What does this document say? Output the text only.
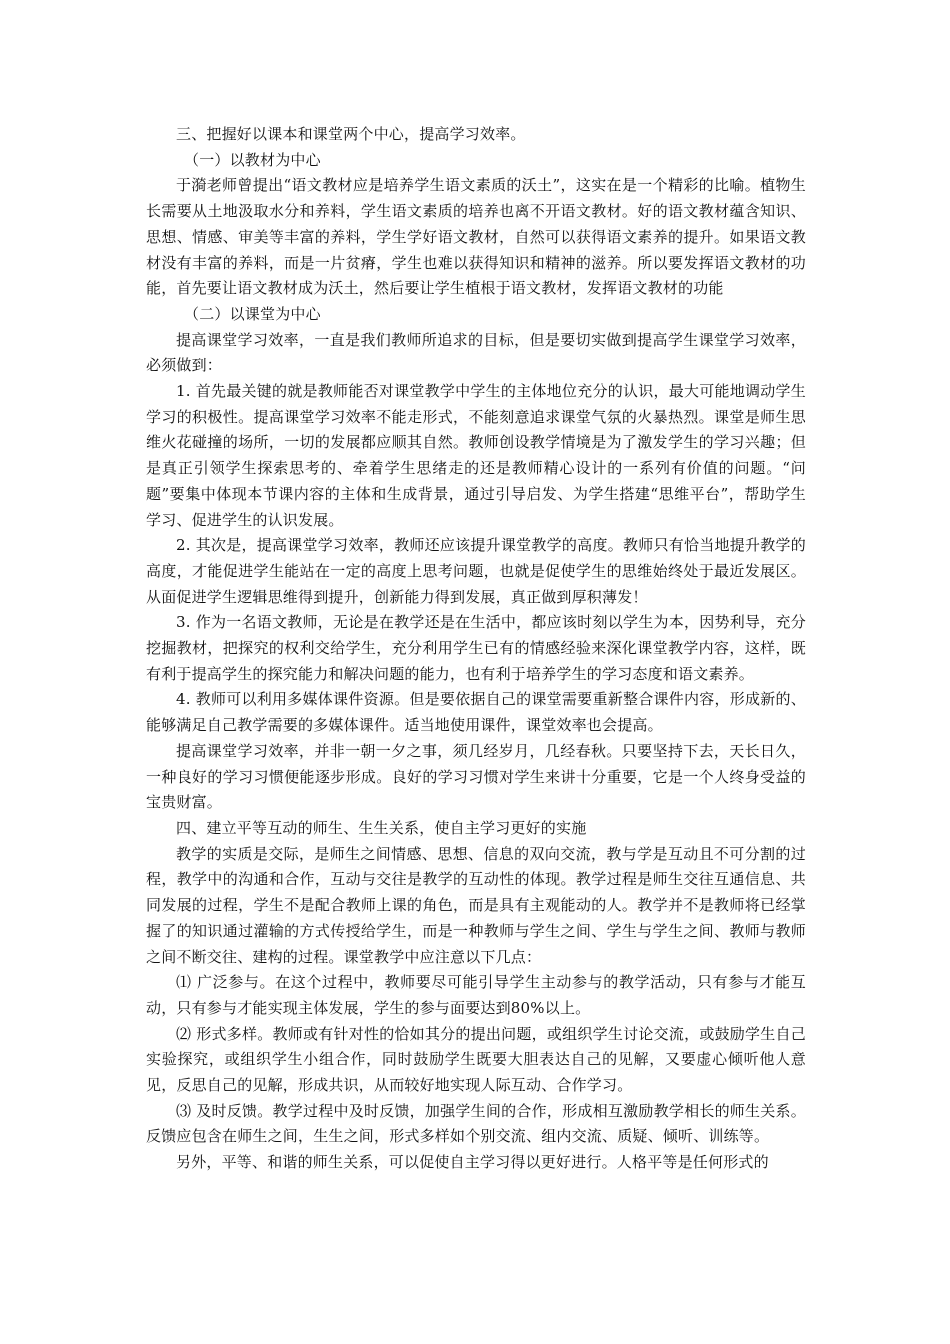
三、把握好以课本和课堂两个中心，提高学习效率。

（一）以教材为中心

于漪老师曾提出“语文教材应是培养学生语文素质的沃土”，这实在是一个精彩的比喻。植物生长需要从土地汲取水分和养料，学生语文素质的培养也离不开语文教材。好的语文教材蕴含知识、思想、情感、审美等丰富的养料，学生学好语文教材，自然可以获得语文素养的提升。如果语文教材没有丰富的养料，而是一片贫瘠，学生也难以获得知识和精神的滋养。所以要发挥语文教材的功能，首先要让语文教材成为沃土，然后要让学生植根于语文教材，发挥语文教材的功能

（二）以课堂为中心

提高课堂学习效率，一直是我们教师所追求的目标，但是要切实做到提高学生课堂学习效率，必须做到：

1. 首先最关键的就是教师能否对课堂教学中学生的主体地位充分的认识，最大可能地调动学生学习的积极性。提高课堂学习效率不能走形式，不能刻意追求课堂气氛的火暴热烈。课堂是师生思维火花碰撞的场所，一切的发展都应顺其自然。教师创设教学情境是为了激发学生的学习兴趣；但是真正引领学生探索思考的、牵着学生思绪走的还是教师精心设计的一系列有价值的问题。“问题”要集中体现本节课内容的主体和生成背景，通过引导启发、为学生搭建“思维平台”，帮助学生学习、促进学生的认识发展。

2. 其次是，提高课堂学习效率，教师还应该提升课堂教学的高度。教师只有恰当地提升教学的高度，才能促进学生能站在一定的高度上思考问题，也就是促使学生的思维始终处于最近发展区。从面促进学生逻辑思维得到提升，创新能力得到发展，真正做到厚积薄发！

3. 作为一名语文教师，无论是在教学还是在生活中，都应该时刻以学生为本，因势利导，充分挖掘教材，把探究的权利交给学生，充分利用学生已有的情感经验来深化课堂教学内容，这样，既有利于提高学生的探究能力和解决问题的能力，也有利于培养学生的学习态度和语文素养。

4. 教师可以利用多媒体课件资源。但是要依据自己的课堂需要重新整合课件内容，形成新的、能够满足自己教学需要的多媒体课件。适当地使用课件，课堂效率也会提高。

提高课堂学习效率，并非一朝一夕之事，须几经岁月，几经春秋。只要坚持下去，天长日久，一种良好的学习习惯便能逐步形成。良好的学习习惯对学生来讲十分重要，它是一个人终身受益的宝贵财富。

四、建立平等互动的师生、生生关系，使自主学习更好的实施

教学的实质是交际，是师生之间情感、思想、信息的双向交流，教与学是互动且不可分割的过程，教学中的沟通和合作，互动与交往是教学的互动性的体现。教学过程是师生交往互通信息、共同发展的过程，学生不是配合教师上课的角色，而是具有主观能动的人。教学并不是教师将已经掌握了的知识通过灌输的方式传授给学生，而是一种教师与学生之间、学生与学生之间、教师与教师之间不断交往、建构的过程。课堂教学中应注意以下几点：

⑴ 广泛参与。在这个过程中，教师要尽可能引导学生主动参与的教学活动，只有参与才能互动，只有参与才能实现主体发展，学生的参与面要达到80%以上。

⑵ 形式多样。教师或有针对性的恰如其分的提出问题，或组织学生讨论交流，或鼓励学生自己实验探究，或组织学生小组合作，同时鼓励学生既要大胆表达自己的见解，又要虚心倾听他人意见，反思自己的见解，形成共识，从而较好地实现人际互动、合作学习。

⑶ 及时反馈。教学过程中及时反馈，加强学生间的合作，形成相互激励教学相长的师生关系。反馈应包含在师生之间，生生之间，形式多样如个别交流、组内交流、质疑、倾听、训练等。

另外，平等、和谐的师生关系，可以促使自主学习得以更好进行。人格平等是任何形式的
